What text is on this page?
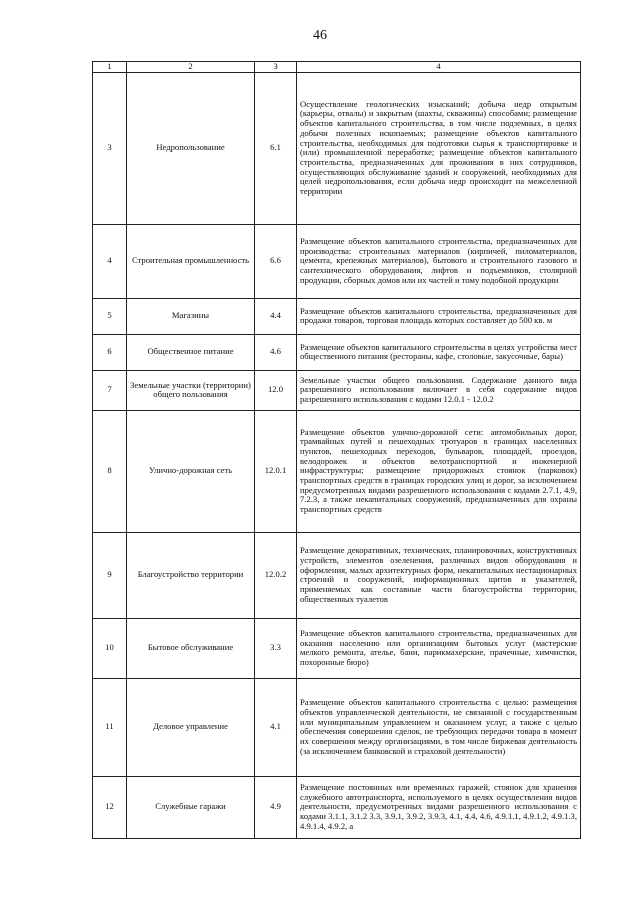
46
1	2	3	4
3	Недропользование	6.1	Осуществление геологических изысканий; добыча недр открытым (карьеры, отвалы) и закрытым (шахты, скважины) способами; размещение объектов капитального строительства, в том числе подземных, в целях добычи полезных ископаемых; размещение объектов капитального строительства, необходимых для подготовки сырья к транспортировке и (или) промышленной переработке; размещение объектов капитального строительства, предназначенных для проживания в них сотрудников, осуществляющих обслуживание зданий и сооружений, необходимых для целей недропользования, если добыча недр происходит на межселенной территории
4	Строительная промышленность	6.6	Размещение объектов капитального строительства, предназначенных для производства: строительных материалов (кирпичей, пиломатериалов, цемента, крепежных материалов), бытового и строительного газового и сантехнического оборудования, лифтов и подъемников, столярной продукции, сборных домов или их частей и тому подобной продукции
5	Магазины	4.4	Размещение объектов капитального строительства, предназначенных для продажи товаров, торговая площадь которых составляет до 500 кв. м
6	Общественное питание	4.6	Размещение объектов капитального строительства в целях устройства мест общественного питания (рестораны, кафе, столовые, закусочные, бары)
7	Земельные участки (территории) общего пользования	12.0	Земельные участки общего пользования. Содержание данного вида разрешенного использования включает в себя содержание видов разрешенного использования с кодами 12.0.1 - 12.0.2
8	Улично-дорожная сеть	12.0.1	Размещение объектов улично-дорожной сети: автомобильных дорог, трамвайных путей и пешеходных тротуаров в границах населенных пунктов, пешеходных переходов, бульваров, площадей, проездов, велодорожек и объектов велотранспортной и инженерной инфраструктуры; размещение придорожных стоянок (парковок) транспортных средств в границах городских улиц и дорог, за исключением предусмотренных видами разрешенного использования с кодами 2.7.1, 4.9, 7.2.3, а также некапитальных сооружений, предназначенных для охраны транспортных средств
9	Благоустройство территории	12.0.2	Размещение декоративных, технических, планировочных, конструктивных устройств, элементов озеленения, различных видов оборудования и оформления, малых архитектурных форм, некапитальных нестационарных строений и сооружений, информационных щитов и указателей, применяемых как составные части благоустройства территории, общественных туалетов
10	Бытовое обслуживание	3.3	Размещение объектов капитального строительства, предназначенных для оказания населению или организациям бытовых услуг (мастерские мелкого ремонта, ателье, бани, парикмахерские, прачечные, химчистки, похоронные бюро)
11	Деловое управление	4.1	Размещение объектов капитального строительства с целью: размещения объектов управленческой деятельности, не связанной с государственным или муниципальным управлением и оказанием услуг, а также с целью обеспечения совершения сделок, не требующих передачи товара в момент их совершения между организациями, в том числе биржевая деятельность (за исключением банковской и страховой деятельности)
12	Служебные гаражи	4.9	Размещение постоянных или временных гаражей, стоянок для хранения служебного автотранспорта, используемого в целях осуществления видов деятельности, предусмотренных видами разрешенного использования с кодами 3.1.1, 3.1.2 3.3, 3.9.1, 3.9.2, 3.9.3, 4.1, 4.4, 4.6, 4.9.1.1, 4.9.1.2, 4.9.1.3, 4.9.1.4, 4.9.2, а
